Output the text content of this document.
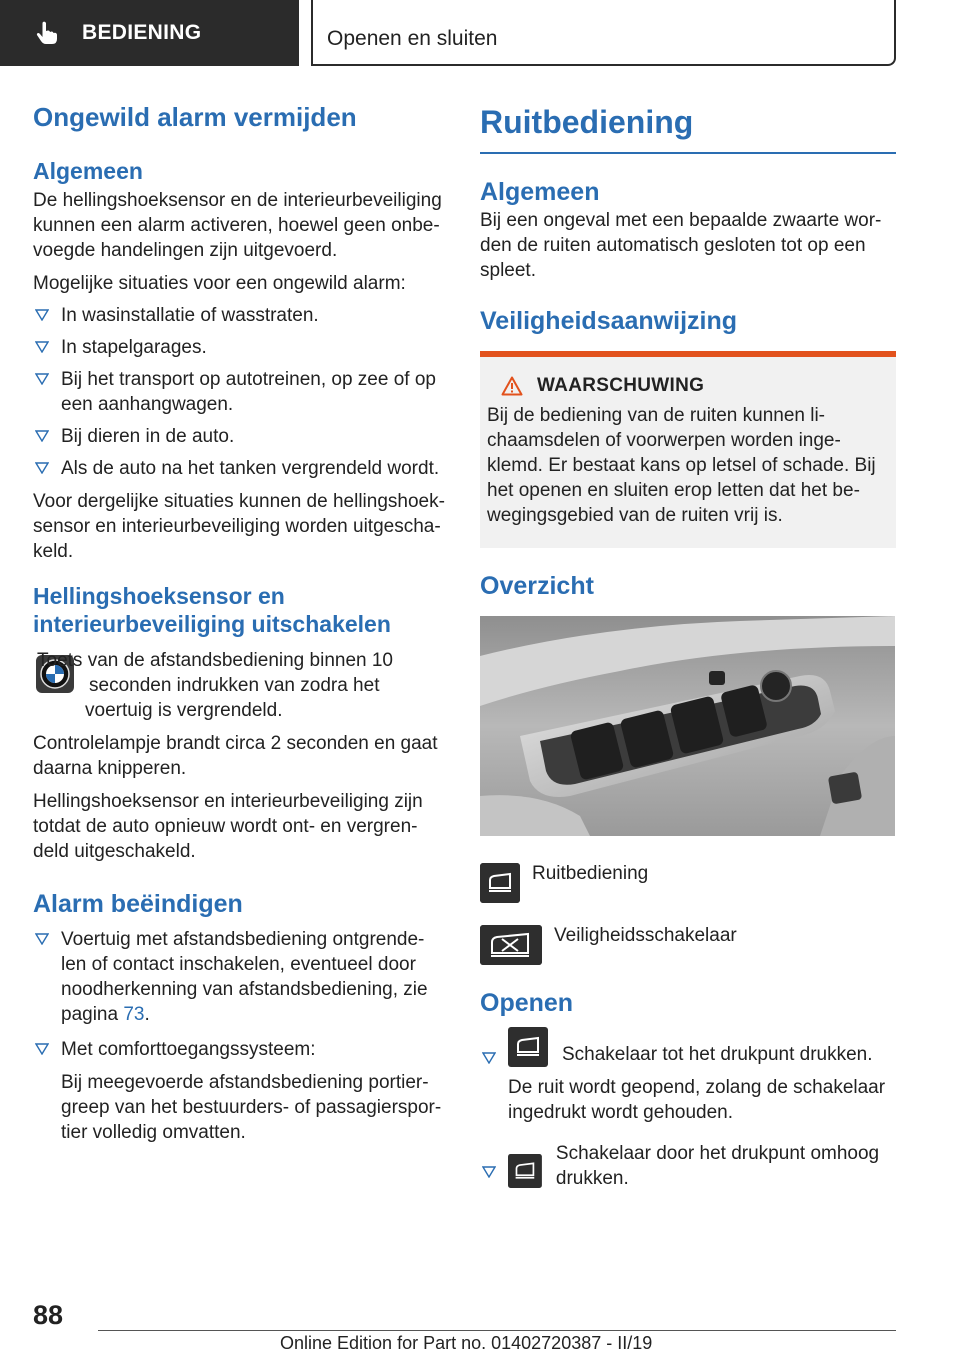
BEDIENING	Openen en sluiten
Ongewild alarm vermijden
Algemeen

De hellingshoeksensor en de interieurbeveiliging kunnen een alarm activeren, hoewel geen onbe‐voegde handelingen zijn uitgevoerd.

Mogelijke situaties voor een ongewild alarm:

In wasinstallatie of wasstraten.
In stapelgarages.
Bij het transport op autotreinen, op zee of op een aanhangwagen.
Bij dieren in de auto.
Als de auto na het tanken vergrendeld wordt.

Voor dergelijke situaties kunnen de hellingshoek‐sensor en interieurbeveiliging worden uitgescha‐keld.

Hellingshoeksensor en interieurbeveiliging uitschakelen

Toets van de afstandsbediening binnen 10 seconden indrukken van zodra het voertuig is vergrendeld.

Controlelampje brandt circa 2 seconden en gaat daarna knipperen.

Hellingshoeksensor en interieurbeveiliging zijn totdat de auto opnieuw wordt ont- en vergren‐deld uitgeschakeld.

Alarm beëindigen
Voertuig met afstandsbediening ontgrende‐len of contact inschakelen, eventueel door noodherkenning van afstandsbediening, zie pagina 73.
Met comforttoegangssysteem:
Bij meegevoerde afstandsbediening portier‐greep van het bestuurders- of passagierspor‐tier volledig omvatten.
Ruitbediening
Algemeen

Bij een ongeval met een bepaalde zwaarte wor‐den de ruiten automatisch gesloten tot op een spleet.

Veiligheidsaanwijzing
WAARSCHUWING

Bij de bediening van de ruiten kunnen li‐chaamsdelen of voorwerpen worden inge‐klemd. Er bestaat kans op letsel of schade. Bij het openen en sluiten erop letten dat het be‐wegingsgebied van de ruiten vrij is.

Overzicht
Ruitbediening
Veiligheidsschakelaar
Openen
Schakelaar tot het drukpunt drukken.
De ruit wordt geopend, zolang de schakelaar ingedrukt wordt gehouden.
Schakelaar door het drukpunt omhoog drukken.
88
Online Edition for Part no. 01402720387 - II/19
